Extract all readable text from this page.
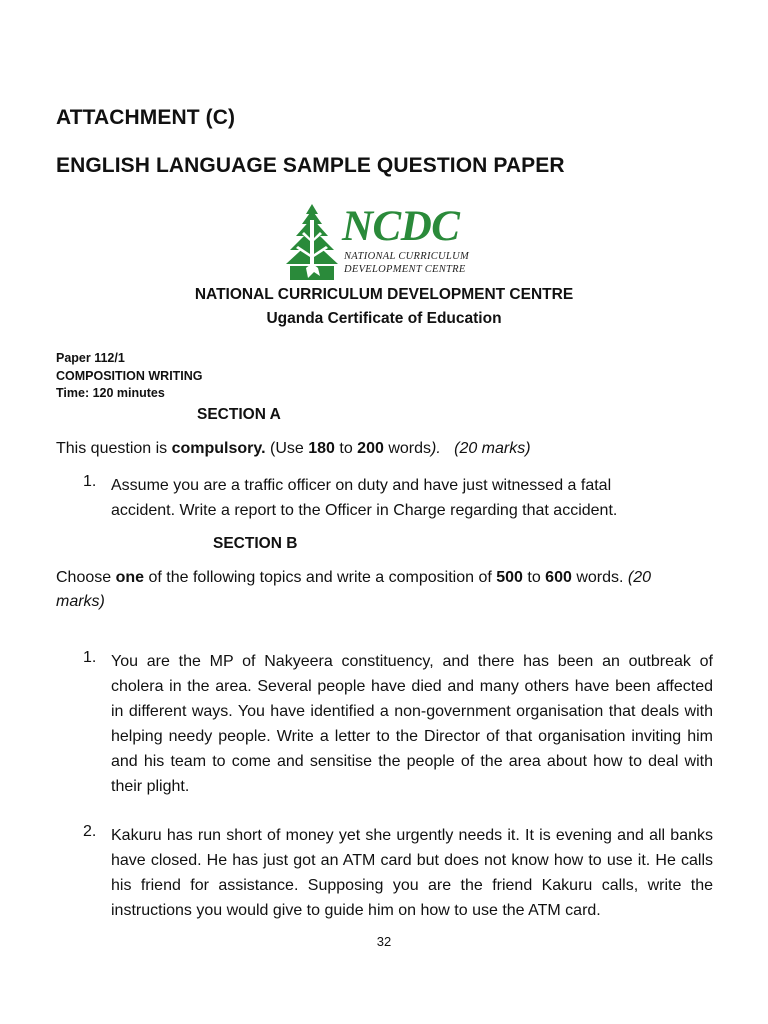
ATTACHMENT (C)
ENGLISH LANGUAGE SAMPLE QUESTION PAPER
NCDC
NATIONAL CURRICULUM
DEVELOPMENT CENTRE
NATIONAL CURRICULUM DEVELOPMENT CENTRE
Uganda Certificate of Education
Paper 112/1
COMPOSITION WRITING
Time: 120 minutes
SECTION A
This question is compulsory. (Use 180 to 200 words).   (20 marks)
1. Assume you are a traffic officer on duty and have just witnessed a fatal accident. Write a report to the Officer in Charge regarding that accident.
SECTION B
Choose one of the following topics and write a composition of 500 to 600 words. (20
marks)
1. You are the MP of Nakyeera constituency, and there has been an outbreak of cholera in the area. Several people have died and many others have been affected in different ways. You have identified a non-government organisation that deals with helping needy people. Write a letter to the Director of that organisation inviting him and his team to come and sensitise the people of the area about how to deal with their plight.
2. Kakuru has run short of money yet she urgently needs it. It is evening and all banks have closed. He has just got an ATM card but does not know how to use it. He calls his friend for assistance. Supposing you are the friend Kakuru calls, write the instructions you would give to guide him on how to use the ATM card.
32
